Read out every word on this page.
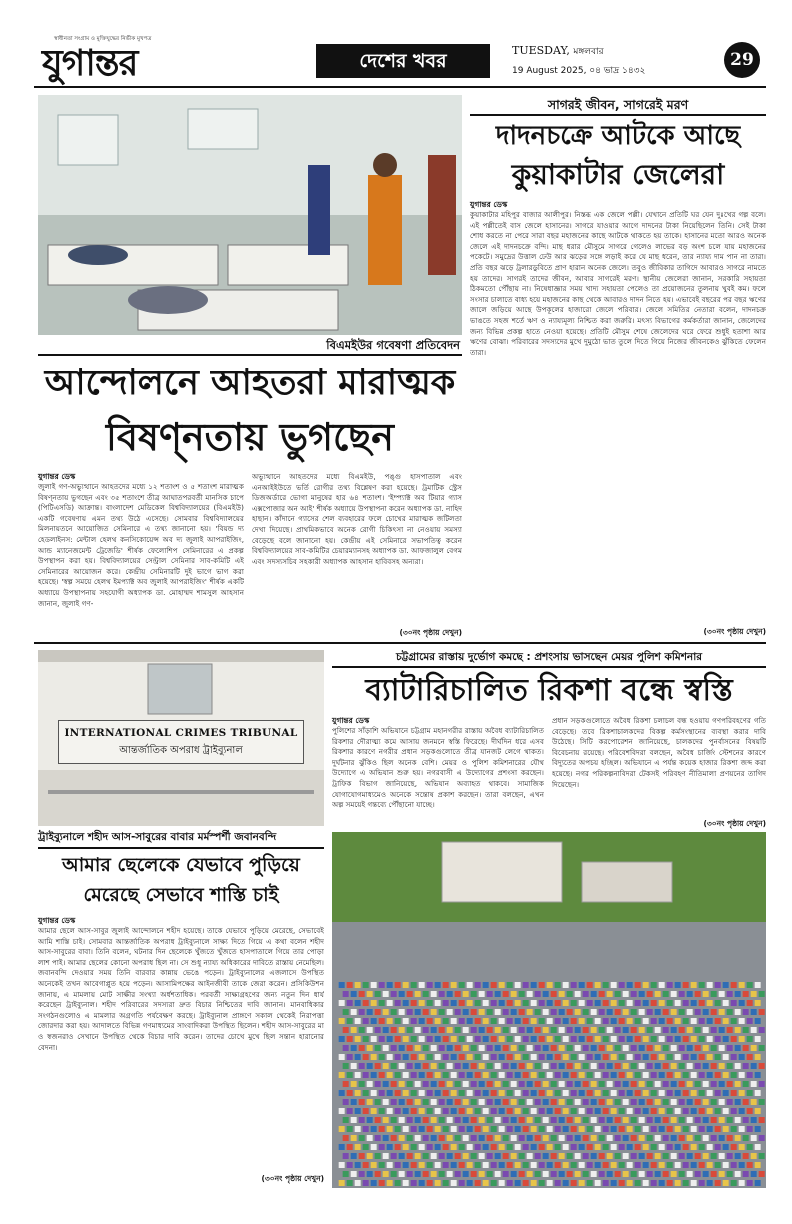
স্বাধীনতা সংগ্রাম ও মুক্তিযুদ্ধের নির্ভীক মুখপত্র
যুগান্তর	দেশের খবর	TUESDAY, মঙ্গলবার
19 August 2025, ০৪ ভাদ্র ১৪৩২
29
বিএমইউর গবেষণা প্রতিবেদন
আন্দোলনে আহতরা মারাত্মক
বিষণ্নতায় ভুগছেন
যুগান্তর ডেস্ক
জুলাই গণ-অভ্যুত্থানে আহতদের মধ্যে ১২ শতাংশ ও ৫ শতাংশ মারাত্মক বিষণ্নতায় ভুগছেন এবং ৩৫ শতাংশে তীব্র আঘাতপরবর্তী মানসিক চাপে (পিটিএসডি) আক্রান্ত। বাংলাদেশ মেডিকেল বিশ্ববিদ্যালয়ের (বিএমইউ) একটি গবেষণায় এমন তথ্য উঠে এসেছে। সোমবার বিশ্ববিদ্যালয়ের মিলনায়তনে আয়োজিত সেমিনারে এ তথ্য জানানো হয়। 'বিয়ন্ড দ্য হেডলাইনস: মেন্টাল হেলথ কনসিকোয়েন্স অব দ্য জুলাই আপরাইজিং, আন্ড ম্যানেজমেন্ট ট্রেজেডি' শীর্ষক ফেলোশিপ সেমিনারের এ প্রকল্প উপস্থাপন করা হয়। বিশ্ববিদ্যালয়ের সেন্ট্রাল সেমিনার সাব-কমিটি এই সেমিনারের আয়োজন করে। কেন্দ্রীয় সেমিনারটি দুই ভাগে ভাগ করা হয়েছে। 'স্বল্প সময়ে হেলথ ইমপ্যাক্ট অব জুলাই আপরাইজিং' শীর্ষক একটি অধ্যায়ে উপস্থাপনায় সহযোগী অধ্যাপক ডা. মোহাম্মদ শামসুল আহসান জানান, জুলাই গণ-
অভ্যুত্থানে আহতদের মধ্যে বিএমইউ, পঙ্গু হাসপাতাল এবং এনআইইউতে ভর্তি রোগীর তথ্য বিশ্লেষণ করা হয়েছে। ট্রমাটিক স্ট্রেস ডিজঅর্ডারে ভোগা মানুষের হার ৬৪ শতাংশ। 'ইম্প্যাক্ট অব টিয়ার গ্যাস এক্সপোজার অন আই' শীর্ষক অধ্যায়ে উপস্থাপনা করেন অধ্যাপক ডা. নাহিদ হাছান। কাঁদানে গ্যাসের শেল ব্যবহারের ফলে চোখের মারাত্মক জটিলতা দেখা দিয়েছে। প্রাথমিকভাবে অনেক রোগী চিকিৎসা না নেওয়ায় সমস্যা বেড়েছে বলে জানানো হয়। কেন্দ্রীয় এই সেমিনারে সভাপতিত্ব করেন বিশ্ববিদ্যালয়ের সাব-কমিটির চেয়ারম্যানসহ অধ্যাপক ডা. আফজালুল বেগম এবং সদস্যসচিব সহকারী অধ্যাপক আহসান হাবিবসহ অন্যরা।
(৩০নং পৃষ্ঠায় দেখুন)
সাগরই জীবন, সাগরেই মরণ
দাদনচক্রে আটকে আছে
কুয়াকাটার জেলেরা
যুগান্তর ডেস্ক
কুয়াকাটার মহিপুর বাজার আলীপুর। নিস্তব্ধ এক জেলে পল্লী। যেখানে প্রতিটি ঘর যেন দুঃখের গল্প বলে। এই পল্লীতেই বাস জেলে হাসানের। সাগরে যাওয়ার আগে দাদনের টাকা নিয়েছিলেন তিনি। সেই টাকা শোধ করতে না পেরে সারা বছর মহাজনের কাছে আটকে থাকতে হয় তাকে। হাসানের মতো আরও অনেক জেলে এই দাদনচক্রে বন্দি। মাছ ধরার মৌসুমে সাগরে গেলেও লাভের বড় অংশ চলে যায় মহাজনের পকেটে। সমুদ্রের উত্তাল ঢেউ আর ঝড়ের সঙ্গে লড়াই করে যে মাছ ধরেন, তার ন্যায্য দাম পান না তারা। প্রতি বছর ঝড়ে ট্রলারডুবিতে প্রাণ হারান অনেক জেলে। তবুও জীবিকার তাগিদে আবারও সাগরে নামতে হয় তাদের। সাগরই তাদের জীবন, আবার সাগরেই মরণ। স্থানীয় জেলেরা জানান, সরকারি সহায়তা ঠিকমতো পৌঁছায় না। নিষেধাজ্ঞার সময় খাদ্য সহায়তা পেলেও তা প্রয়োজনের তুলনায় খুবই কম। ফলে সংসার চালাতে বাধ্য হয়ে মহাজনের কাছ থেকে আবারও দাদন নিতে হয়। এভাবেই বছরের পর বছর ঋণের জালে জড়িয়ে আছে উপকূলের হাজারো জেলে পরিবার। জেলে সমিতির নেতারা বলেন, দাদনচক্র ভাঙতে সহজ শর্তে ঋণ ও ন্যায্যমূল্য নিশ্চিত করা জরুরি। মৎস্য বিভাগের কর্মকর্তারা জানান, জেলেদের জন্য বিভিন্ন প্রকল্প হাতে নেওয়া হয়েছে। প্রতিটি মৌসুম শেষে জেলেদের ঘরে ফেরে শুধুই হতাশা আর ঋণের বোঝা। পরিবারের সদস্যদের মুখে দুমুঠো ভাত তুলে দিতে গিয়ে নিজের জীবনকেও ঝুঁকিতে ফেলেন তারা।
(৩০নং পৃষ্ঠায় দেখুন)
INTERNATIONAL CRIMES TRIBUNAL
আন্তর্জাতিক অপরাধ ট্রাইব্যুনাল
ট্রাইব্যুনালে শহীদ আস-সাবুরের বাবার মর্মস্পর্শী জবানবন্দি
আমার ছেলেকে যেভাবে পুড়িয়ে
মেরেছে সেভাবে শাস্তি চাই
যুগান্তর ডেস্ক
আমার ছেলে আস-সাবুর জুলাই আন্দোলনে শহীদ হয়েছে। তাকে যেভাবে পুড়িয়ে মেরেছে, সেভাবেই আমি শাস্তি চাই। সোমবার আন্তর্জাতিক অপরাধ ট্রাইব্যুনালে সাক্ষ্য দিতে গিয়ে এ কথা বলেন শহীদ আস-সাবুরের বাবা। তিনি বলেন, ঘটনার দিন ছেলেকে খুঁজতে খুঁজতে হাসপাতালে গিয়ে তার পোড়া লাশ পাই। আমার ছেলের কোনো অপরাধ ছিল না। সে শুধু ন্যায্য অধিকারের দাবিতে রাস্তায় নেমেছিল। জবানবন্দি দেওয়ার সময় তিনি বারবার কান্নায় ভেঙে পড়েন। ট্রাইব্যুনালের এজলাসে উপস্থিত অনেকেই তখন আবেগাপ্লুত হয়ে পড়েন। আসামিপক্ষের আইনজীবী তাকে জেরা করেন। প্রসিকিউশন জানায়, এ মামলায় মোট সাক্ষীর সংখ্যা অর্ধশতাধিক। পরবর্তী সাক্ষ্যগ্রহণের জন্য নতুন দিন ধার্য করেছেন ট্রাইব্যুনাল। শহীদ পরিবারের সদস্যরা দ্রুত বিচার নিশ্চিতের দাবি জানান। মানবাধিকার সংগঠনগুলোও এ মামলার অগ্রগতি পর্যবেক্ষণ করছে। ট্রাইব্যুনাল প্রাঙ্গণে সকাল থেকেই নিরাপত্তা জোরদার করা হয়। আদালতে বিভিন্ন গণমাধ্যমের সাংবাদিকরা উপস্থিত ছিলেন। শহীদ আস-সাবুরের মা ও স্বজনরাও সেখানে উপস্থিত থেকে বিচার দাবি করেন। তাদের চোখে মুখে ছিল সন্তান হারানোর বেদনা।
(৩০নং পৃষ্ঠায় দেখুন)
চট্টগ্রামের রাস্তায় দুর্ভোগ কমছে : প্রশংসায় ভাসছেন মেয়র পুলিশ কমিশনার
ব্যাটারিচালিত রিকশা বন্ধে স্বস্তি
যুগান্তর ডেস্ক
পুলিশের সাঁড়াশি অভিযানে চট্টগ্রাম মহানগরীর রাস্তায় অবৈধ ব্যাটারিচালিত রিকশার দৌরাত্ম্য কমে আসায় জনমনে স্বস্তি ফিরেছে। দীর্ঘদিন ধরে এসব রিকশার কারণে নগরীর প্রধান সড়কগুলোতে তীব্র যানজট লেগে থাকত। দুর্ঘটনার ঝুঁকিও ছিল অনেক বেশি। মেয়র ও পুলিশ কমিশনারের যৌথ উদ্যোগে এ অভিযান শুরু হয়। নগরবাসী এ উদ্যোগের প্রশংসা করছেন। ট্রাফিক বিভাগ জানিয়েছে, অভিযান অব্যাহত থাকবে। সামাজিক যোগাযোগমাধ্যমেও অনেকে সন্তোষ প্রকাশ করছেন। তারা বলছেন, এখন অল্প সময়েই গন্তব্যে পৌঁছানো যাচ্ছে।
প্রধান সড়কগুলোতে অবৈধ রিকশা চলাচল বন্ধ হওয়ায় গণপরিবহণের গতি বেড়েছে। তবে রিকশাচালকদের বিকল্প কর্মসংস্থানের ব্যবস্থা করার দাবি উঠেছে। সিটি করপোরেশন জানিয়েছে, চালকদের পুনর্বাসনের বিষয়টি বিবেচনায় রয়েছে। পরিবেশবিদরা বলছেন, অবৈধ চার্জিং স্টেশনের কারণে বিদ্যুতের অপচয় হচ্ছিল। অভিযানে এ পর্যন্ত কয়েক হাজার রিকশা জব্দ করা হয়েছে। নগর পরিকল্পনাবিদরা টেকসই পরিবহণ নীতিমালা প্রণয়নের তাগিদ দিয়েছেন।
(৩০নং পৃষ্ঠায় দেখুন)
